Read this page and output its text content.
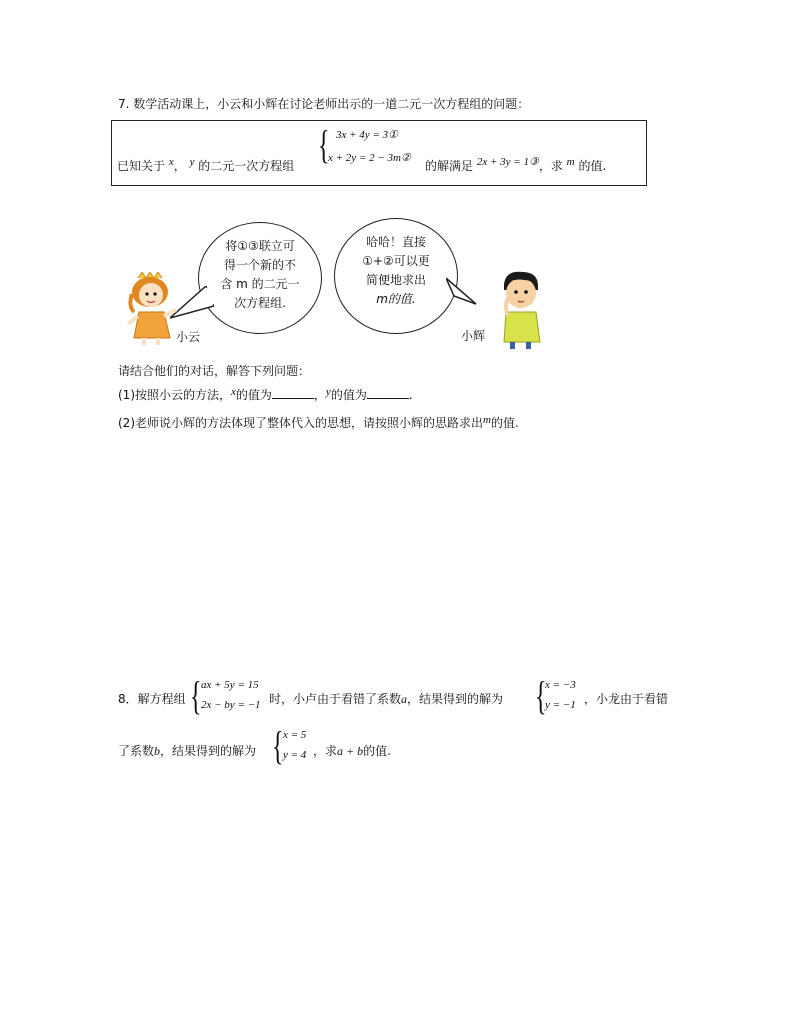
7. 数学活动课上，小云和小辉在讨论老师出示的一道二元一次方程组的问题：
已知关于 x， y 的二元一次方程组 { 3x + 4y = 3①
x + 2y = 2 − 3m②
的解满足 2x + 3y = 1③，求 m 的值.
将①③联立可
得一个新的不
含 m 的二元一
次方程组.
哈哈！直接
①+②可以更
简便地求出
m的值.
小云	小辉
请结合他们的对话，解答下列问题：
(1)按照小云的方法，x的值为	，y的值为	.
(2)老师说小辉的方法体现了整体代入的思想，请按照小辉的思路求出m的值.
8．解方程组 { ax + 5y = 15
2x − by = −1 时，小卢由于看错了系数a，结果得到的解为 {
x = −3
y = −1 ，小龙由于看错
了系数b，结果得到的解为 { x = 5
y = 4 ，求a + b的值.
